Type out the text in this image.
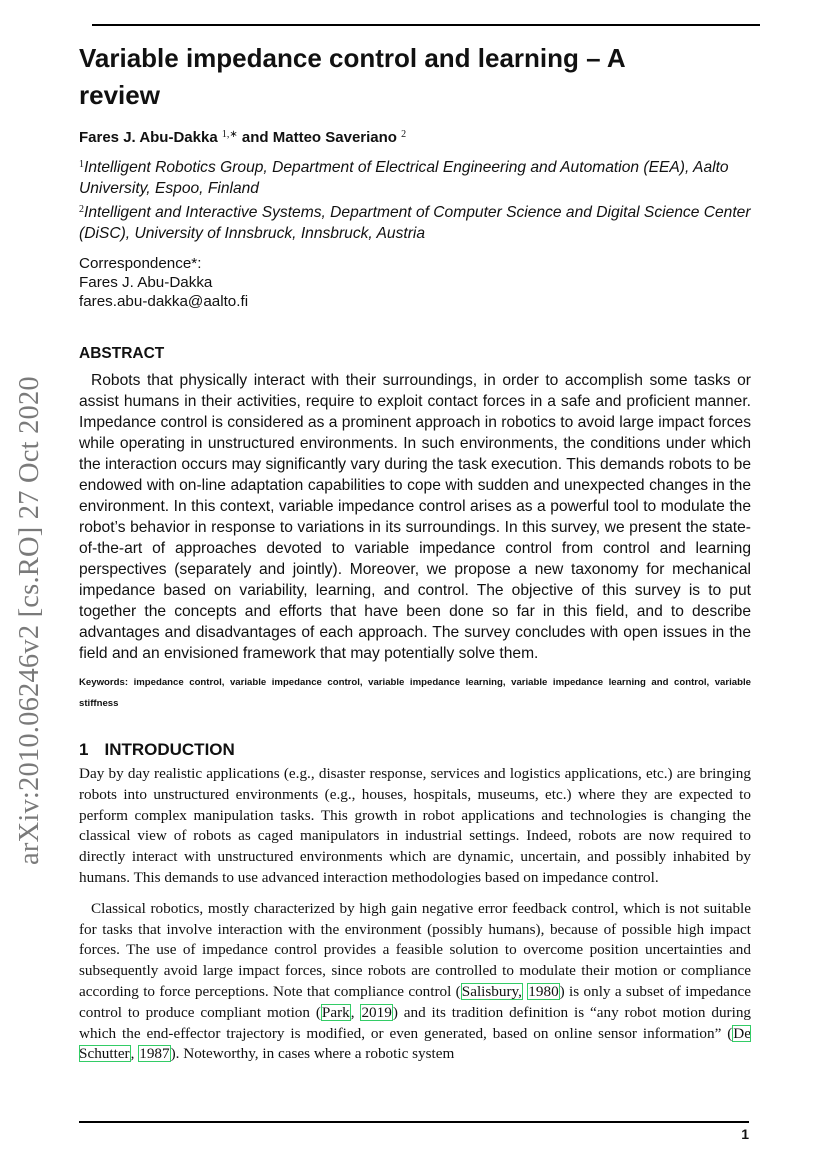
arXiv:2010.06246v2 [cs.RO] 27 Oct 2020
Variable impedance control and learning – A review
Fares J. Abu-Dakka $^{1,∗}$ and Matteo Saveriano $^2$
$^1$Intelligent Robotics Group, Department of Electrical Engineering and Automation (EEA), Aalto University, Espoo, Finland
$^2$Intelligent and Interactive Systems, Department of Computer Science and Digital Science Center (DiSC), University of Innsbruck, Innsbruck, Austria
Correspondence*:
Fares J. Abu-Dakka
fares.abu-dakka@aalto.fi
ABSTRACT

Robots that physically interact with their surroundings, in order to accomplish some tasks or assist humans in their activities, require to exploit contact forces in a safe and proficient manner. Impedance control is considered as a prominent approach in robotics to avoid large impact forces while operating in unstructured environments. In such environments, the conditions under which the interaction occurs may significantly vary during the task execution. This demands robots to be endowed with on-line adaptation capabilities to cope with sudden and unexpected changes in the environment. In this context, variable impedance control arises as a powerful tool to modulate the robot’s behavior in response to variations in its surroundings. In this survey, we present the state-of-the-art of approaches devoted to variable impedance control from control and learning perspectives (separately and jointly). Moreover, we propose a new taxonomy for mechanical impedance based on variability, learning, and control. The objective of this survey is to put together the concepts and efforts that have been done so far in this field, and to describe advantages and disadvantages of each approach. The survey concludes with open issues in the field and an envisioned framework that may potentially solve them.

Keywords: impedance control, variable impedance control, variable impedance learning, variable impedance learning and control, variable stiffness
1 INTRODUCTION

Day by day realistic applications (e.g., disaster response, services and logistics applications, etc.) are bringing robots into unstructured environments (e.g., houses, hospitals, museums, etc.) where they are expected to perform complex manipulation tasks. This growth in robot applications and technologies is changing the classical view of robots as caged manipulators in industrial settings. Indeed, robots are now required to directly interact with unstructured environments which are dynamic, uncertain, and possibly inhabited by humans. This demands to use advanced interaction methodologies based on impedance control.

Classical robotics, mostly characterized by high gain negative error feedback control, which is not suitable for tasks that involve interaction with the environment (possibly humans), because of possible high impact forces. The use of impedance control provides a feasible solution to overcome position uncertainties and subsequently avoid large impact forces, since robots are controlled to modulate their motion or compliance according to force perceptions. Note that compliance control (Salisbury, 1980) is only a subset of impedance control to produce compliant motion (Park, 2019) and its tradition definition is “any robot motion during which the end-effector trajectory is modified, or even generated, based on online sensor information” (De Schutter, 1987). Noteworthy, in cases where a robotic system

1
